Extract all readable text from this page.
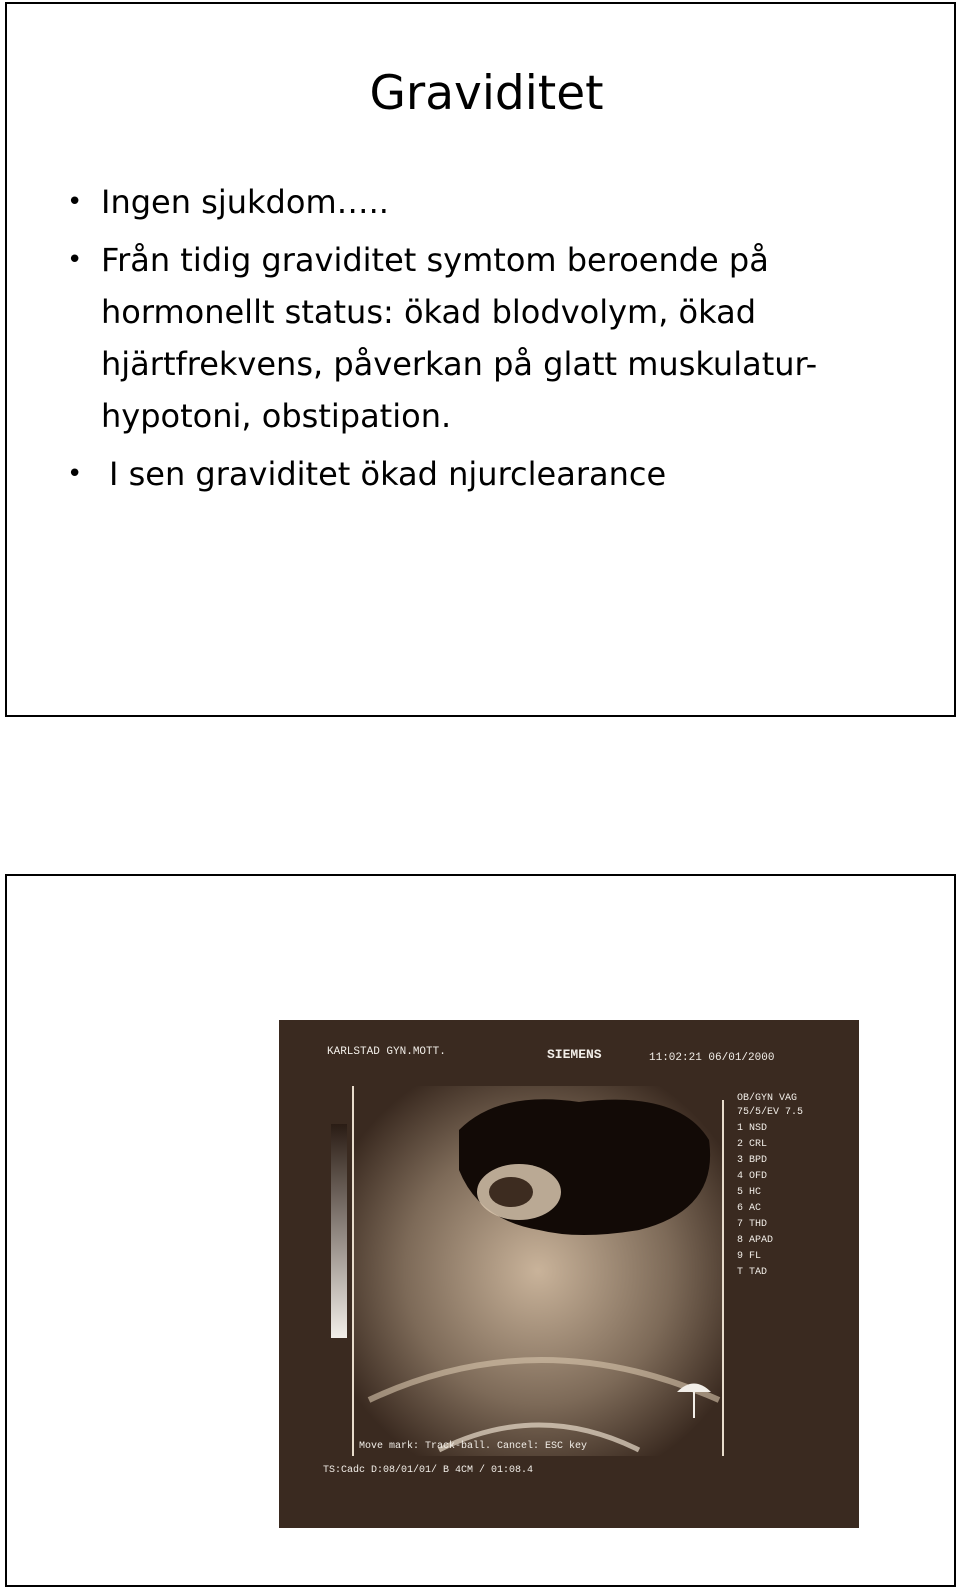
Graviditet
• Ingen sjukdom…..
• Från tidig graviditet symtom beroende på hormonellt status: ökad blodvolym, ökad hjärtfrekvens, påverkan på glatt muskulatur-hypotoni, obstipation.
• I sen graviditet ökad njurclearance
KARLSTAD GYN.MOTT.	SIEMENS	11:02:21 06/01/2000
OB/GYN VAG
75/5/EV 7.5
1 NSD
2 CRL
3 BPD
4 OFD
5 HC
6 AC
7 THD
8 APAD
9 FL
T TAD
Move mark: Track-ball. Cancel: ESC key
TS:Cadc D:08/01/01/ B 4CM / 01:08.4
